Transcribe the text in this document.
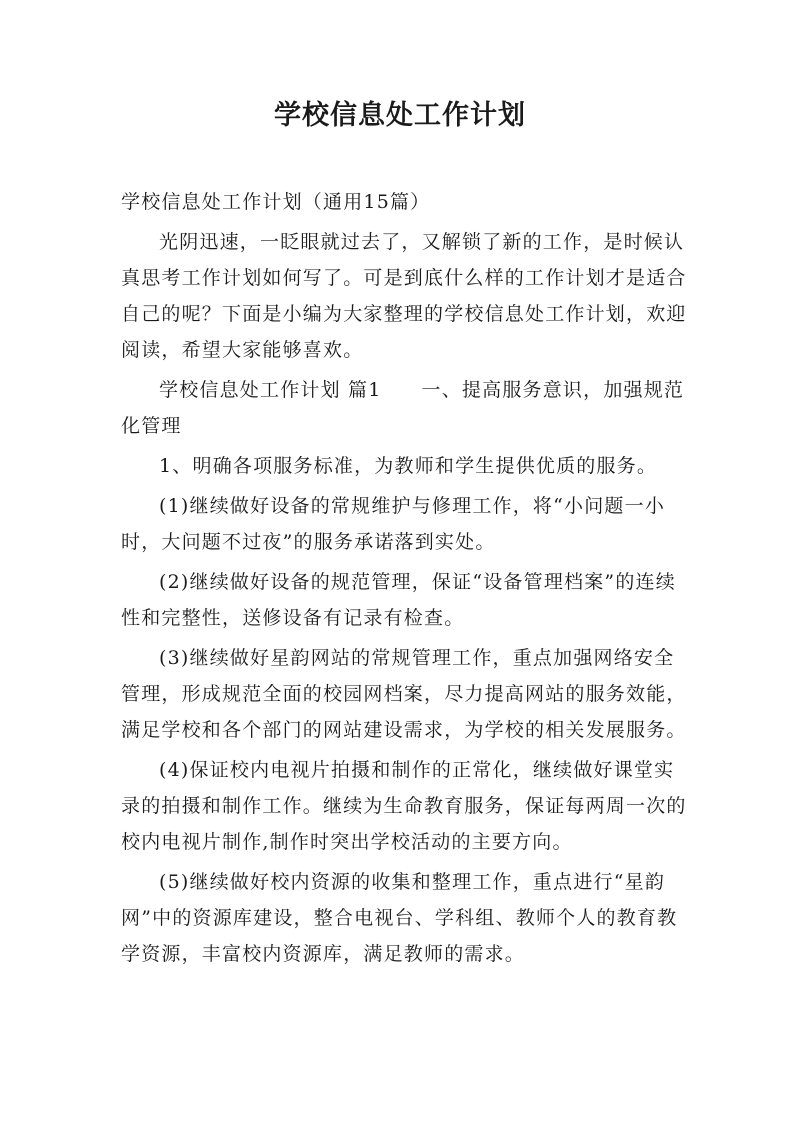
学校信息处工作计划

学校信息处工作计划（通用15篇）

光阴迅速，一眨眼就过去了，又解锁了新的工作，是时候认真思考工作计划如何写了。可是到底什么样的工作计划才是适合自己的呢？下面是小编为大家整理的学校信息处工作计划，欢迎阅读，希望大家能够喜欢。

学校信息处工作计划 篇1 一、提高服务意识，加强规范化管理

1、明确各项服务标准，为教师和学生提供优质的服务。

(1)继续做好设备的常规维护与修理工作，将“小问题一小时，大问题不过夜”的服务承诺落到实处。

(2)继续做好设备的规范管理，保证“设备管理档案”的连续性和完整性，送修设备有记录有检查。

(3)继续做好星韵网站的常规管理工作，重点加强网络安全管理，形成规范全面的校园网档案，尽力提高网站的服务效能，满足学校和各个部门的网站建设需求，为学校的相关发展服务。

(4)保证校内电视片拍摄和制作的正常化，继续做好课堂实录的拍摄和制作工作。继续为生命教育服务，保证每两周一次的校内电视片制作,制作时突出学校活动的主要方向。

(5)继续做好校内资源的收集和整理工作，重点进行“星韵网”中的资源库建设，整合电视台、学科组、教师个人的教育教学资源，丰富校内资源库，满足教师的需求。
